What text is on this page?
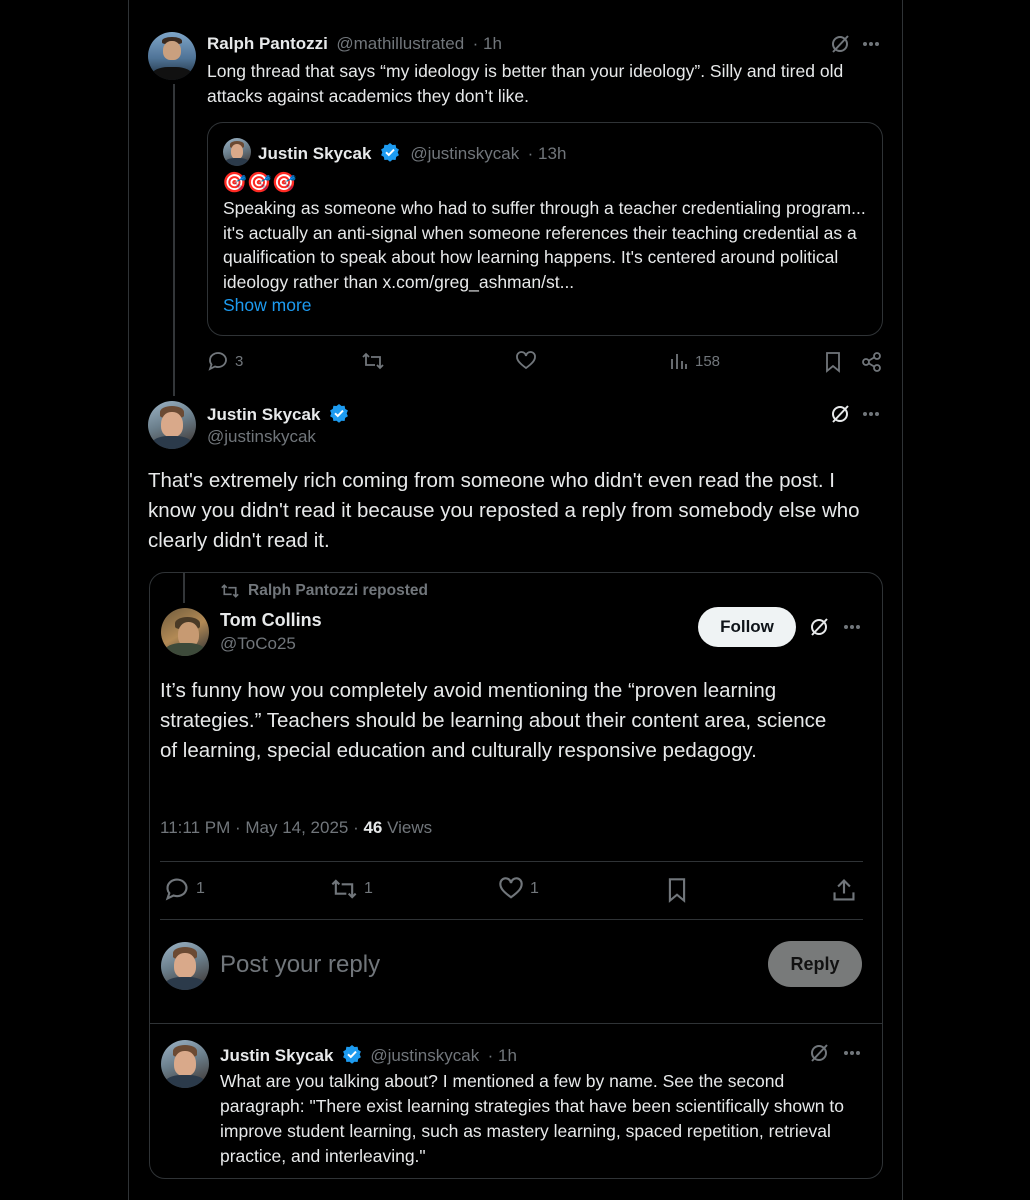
Ralph Pantozzi @mathillustrated · 1h
Long thread that says “my ideology is better than your ideology”. Silly and tired old attacks against academics they don’t like.
Justin Skycak @justinskycak · 13h
🎯🎯🎯
Speaking as someone who had to suffer through a teacher credentialing program... it's actually an anti-signal when someone references their teaching credential as a qualification to speak about how learning happens. It's centered around political ideology rather than x.com/greg_ashman/st...
Show more
3	158
Justin Skycak
@justinskycak
That's extremely rich coming from someone who didn't even read the post. I know you didn't read it because you reposted a reply from somebody else who clearly didn't read it.
Ralph Pantozzi reposted
Tom Collins
@ToCo25
Follow
It’s funny how you completely avoid mentioning the “proven learning strategies.” Teachers should be learning about their content area, science of learning, special education and culturally responsive pedagogy.
11:11 PM · May 14, 2025 · 46 Views
1	1	1
Post your reply	Reply
Justin Skycak @justinskycak · 1h
What are you talking about? I mentioned a few by name. See the second paragraph: "There exist learning strategies that have been scientifically shown to improve student learning, such as mastery learning, spaced repetition, retrieval practice, and interleaving."
